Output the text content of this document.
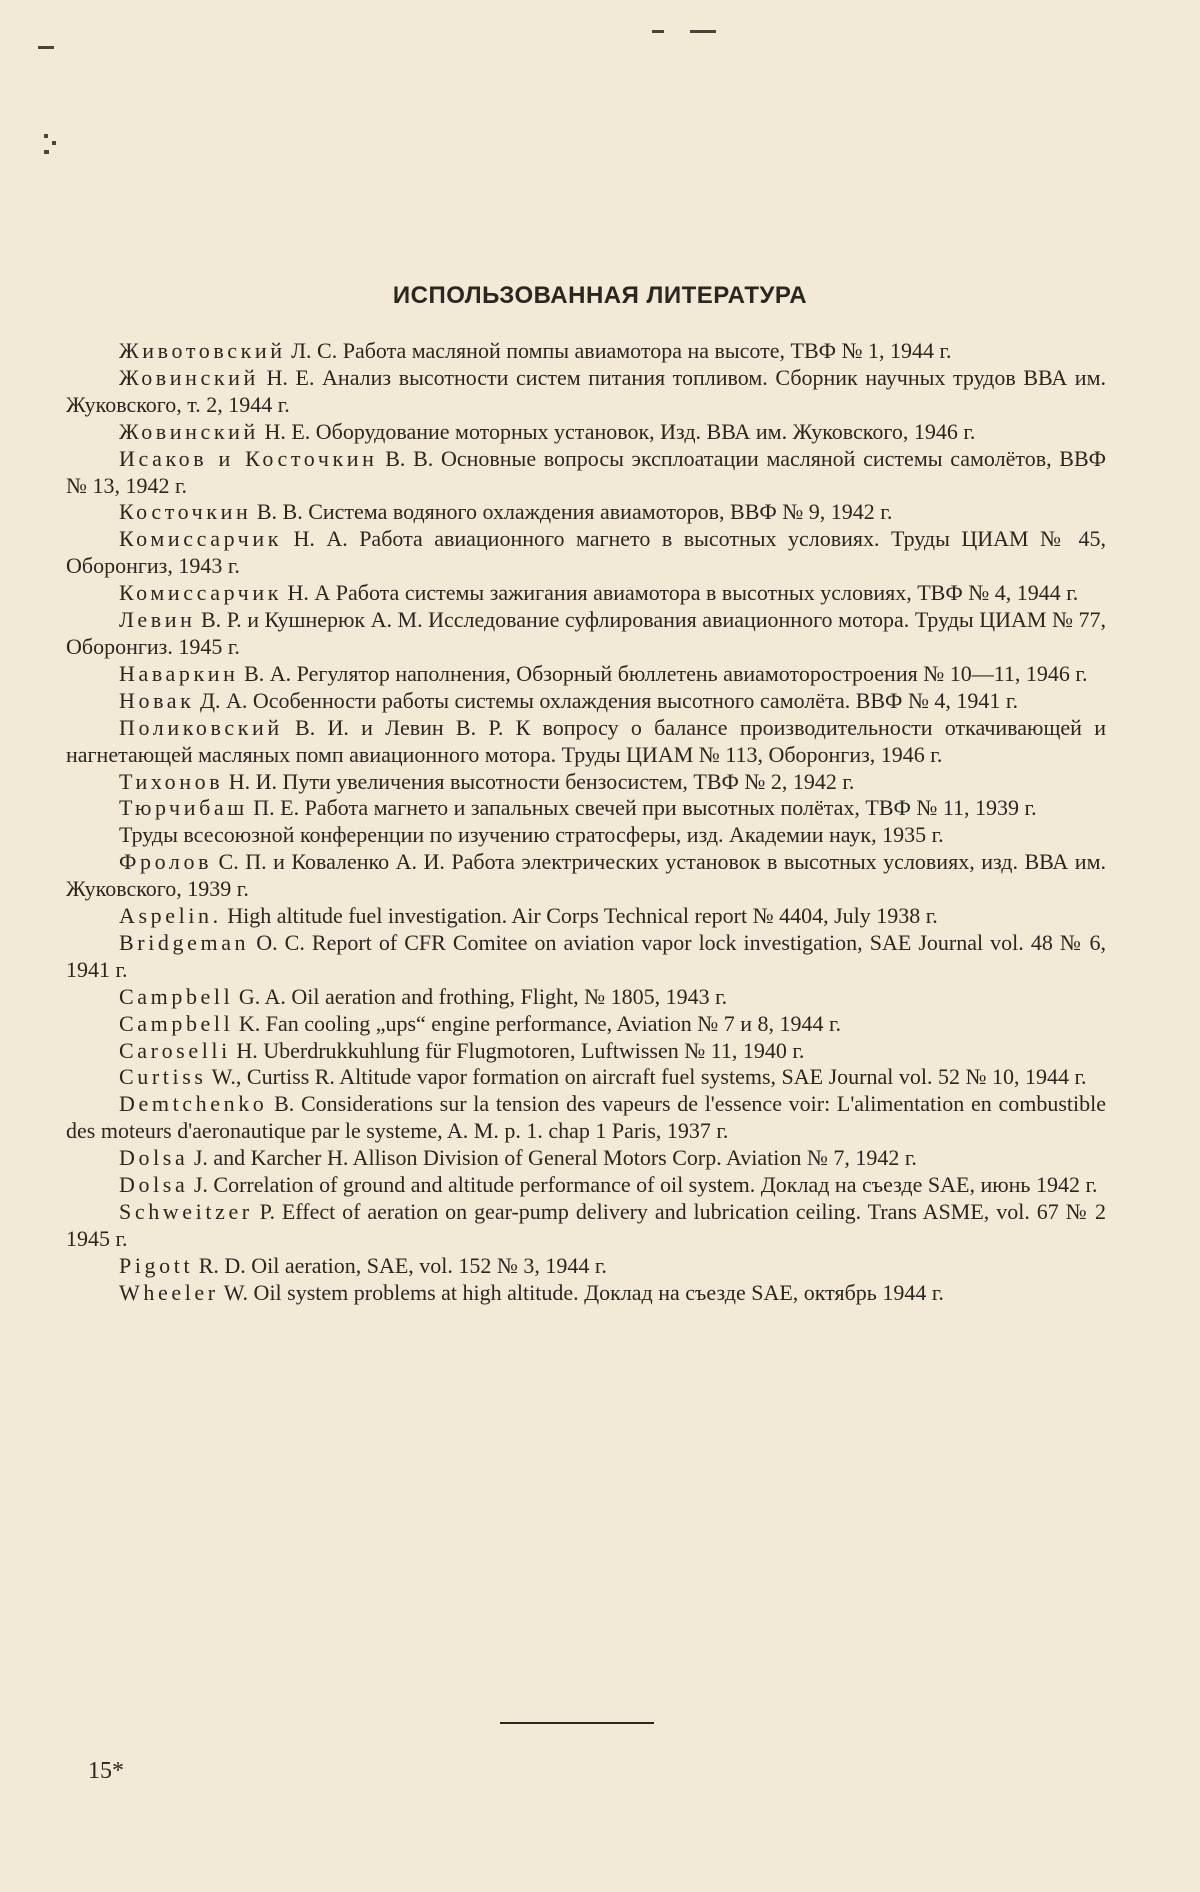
ИСПОЛЬЗОВАННАЯ ЛИТЕРАТУРА

Животовский Л. С. Работа масляной помпы авиамотора на высоте, ТВФ № 1, 1944 г.

Жовинский Н. Е. Анализ высотности систем питания топливом. Сборник научных трудов ВВА им. Жуковского, т. 2, 1944 г.

Жовинский Н. Е. Оборудование моторных установок, Изд. ВВА им. Жуковского, 1946 г.

Исаков и Косточкин В. В. Основные вопросы эксплоатации масляной системы самолётов, ВВФ № 13, 1942 г.

Косточкин В. В. Система водяного охлаждения авиамоторов, ВВФ № 9, 1942 г.

Комиссарчик Н. А. Работа авиационного магнето в высотных условиях. Труды ЦИАМ № 45, Оборонгиз, 1943 г.

Комиссарчик Н. А Работа системы зажигания авиамотора в высотных условиях, ТВФ № 4, 1944 г.

Левин В. Р. и Кушнерюк А. М. Исследование суфлирования авиационного мотора. Труды ЦИАМ № 77, Оборонгиз. 1945 г.

Наваркин В. А. Регулятор наполнения, Обзорный бюллетень авиамоторостроения № 10—11, 1946 г.

Новак Д. А. Особенности работы системы охлаждения высотного самолёта. ВВФ № 4, 1941 г.

Поликовский В. И. и Левин В. Р. К вопросу о балансе производительности откачивающей и нагнетающей масляных помп авиационного мотора. Труды ЦИАМ № 113, Оборонгиз, 1946 г.

Тихонов Н. И. Пути увеличения высотности бензосистем, ТВФ № 2, 1942 г.

Тюрчибаш П. Е. Работа магнето и запальных свечей при высотных полётах, ТВФ № 11, 1939 г.

Труды всесоюзной конференции по изучению стратосферы, изд. Академии наук, 1935 г.

Фролов С. П. и Коваленко А. И. Работа электрических установок в высотных условиях, изд. ВВА им. Жуковского, 1939 г.

Aspelin. High altitude fuel investigation. Air Corps Technical report № 4404, July 1938 г.

Bridgeman O. C. Report of CFR Comitee on aviation vapor lock investigation, SAE Journal vol. 48 № 6, 1941 г.

Campbell G. A. Oil aeration and frothing, Flight, № 1805, 1943 г.

Campbell K. Fan cooling „ups“ engine performance, Aviation № 7 и 8, 1944 г.

Caroselli H. Uberdrukkuhlung für Flugmotoren, Luftwissen № 11, 1940 г.

Curtiss W., Curtiss R. Altitude vapor formation on aircraft fuel systems, SAE Journal vol. 52 № 10, 1944 г.

Demtchenko B. Considerations sur la tension des vapeurs de l'essence voir: L'alimentation en combustible des moteurs d'aeronautique par le systeme, A. M. p. 1. chap 1 Paris, 1937 г.

Dolsa J. and Karcher H. Allison Division of General Motors Corp. Aviation № 7, 1942 г.

Dolsa J. Correlation of ground and altitude performance of oil system. Доклад на съезде SAE, июнь 1942 г.

Schweitzer P. Effect of aeration on gear-pump delivery and lubrication ceiling. Trans ASME, vol. 67 № 2 1945 г.

Pigott R. D. Oil aeration, SAE, vol. 152 № 3, 1944 г.

Wheeler W. Oil system problems at high altitude. Доклад на съезде SAE, октябрь 1944 г.

15*
